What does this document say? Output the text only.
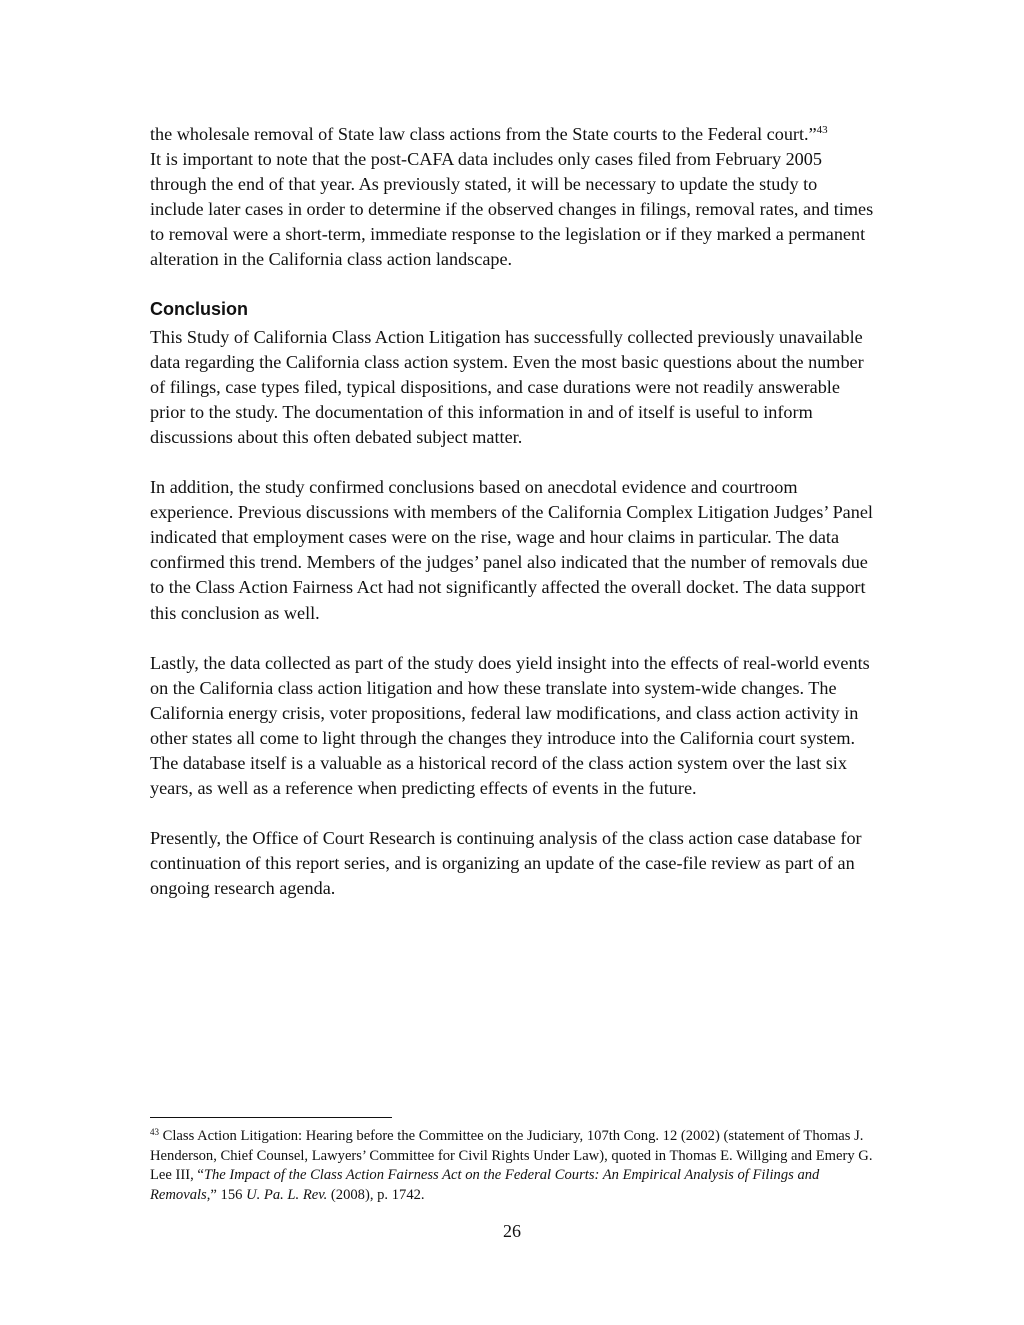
the wholesale removal of State law class actions from the State courts to the Federal court.”$^{43}$

It is important to note that the post-CAFA data includes only cases filed from February 2005 through the end of that year. As previously stated, it will be necessary to update the study to include later cases in order to determine if the observed changes in filings, removal rates, and times to removal were a short-term, immediate response to the legislation or if they marked a permanent alteration in the California class action landscape.

Conclusion

This Study of California Class Action Litigation has successfully collected previously unavailable data regarding the California class action system. Even the most basic questions about the number of filings, case types filed, typical dispositions, and case durations were not readily answerable prior to the study. The documentation of this information in and of itself is useful to inform discussions about this often debated subject matter.

In addition, the study confirmed conclusions based on anecdotal evidence and courtroom experience. Previous discussions with members of the California Complex Litigation Judges’ Panel indicated that employment cases were on the rise, wage and hour claims in particular. The data confirmed this trend. Members of the judges’ panel also indicated that the number of removals due to the Class Action Fairness Act had not significantly affected the overall docket. The data support this conclusion as well.

Lastly, the data collected as part of the study does yield insight into the effects of real-world events on the California class action litigation and how these translate into system-wide changes. The California energy crisis, voter propositions, federal law modifications, and class action activity in other states all come to light through the changes they introduce into the California court system. The database itself is a valuable as a historical record of the class action system over the last six years, as well as a reference when predicting effects of events in the future.

Presently, the Office of Court Research is continuing analysis of the class action case database for continuation of this report series, and is organizing an update of the case-file review as part of an ongoing research agenda.

$^{43}$ Class Action Litigation: Hearing before the Committee on the Judiciary, 107th Cong. 12 (2002) (statement of Thomas J. Henderson, Chief Counsel, Lawyers’ Committee for Civil Rights Under Law), quoted in Thomas E. Willging and Emery G. Lee III, “The Impact of the Class Action Fairness Act on the Federal Courts: An Empirical Analysis of Filings and Removals,” 156 U. Pa. L. Rev. (2008), p. 1742.
26
